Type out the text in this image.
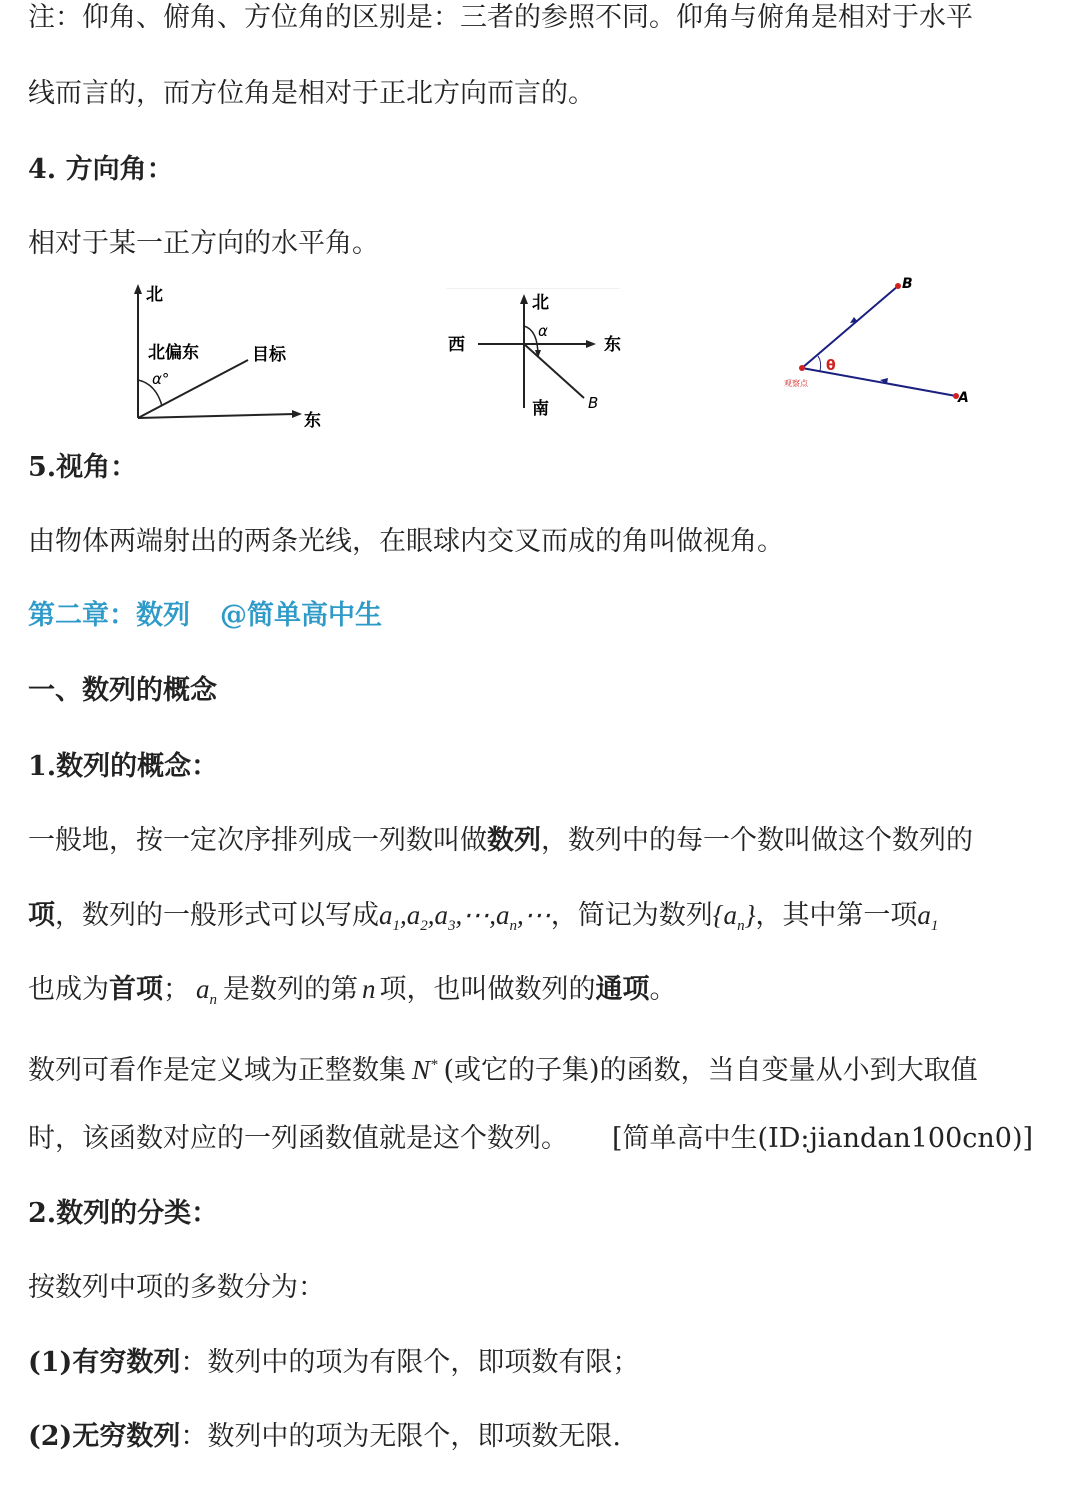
注：仰角、俯角、方位角的区别是：三者的参照不同。仰角与俯角是相对于水平
线而言的，而方位角是相对于正北方向而言的。
4. 方向角：
相对于某一正方向的水平角。
北
北偏东	目标
α°
东
北
西	东
南
α
B
B
A
θ
观察点
5.视角：
由物体两端射出的两条光线，在眼球内交叉而成的角叫做视角。
第二章：数列 @简单高中生
一、数列的概念
1.数列的概念：
一般地，按一定次序排列成一列数叫做数列，数列中的每一个数叫做这个数列的
项，数列的一般形式可以写成$a_1,a_2,a_3,\cdots,a_n,\cdots$，简记为数列$\{a_n\}$，其中第一项$a_1$
也成为首项； $a_n$ 是数列的第 n 项，也叫做数列的通项。
数列可看作是定义域为正整数集 N* (或它的子集)的函数，当自变量从小到大取值
时，该函数对应的一列函数值就是这个数列。 [简单高中生(ID:jiandan100cn0)]
2.数列的分类：
按数列中项的多数分为：
(1)有穷数列：数列中的项为有限个，即项数有限；
(2)无穷数列：数列中的项为无限个，即项数无限.
